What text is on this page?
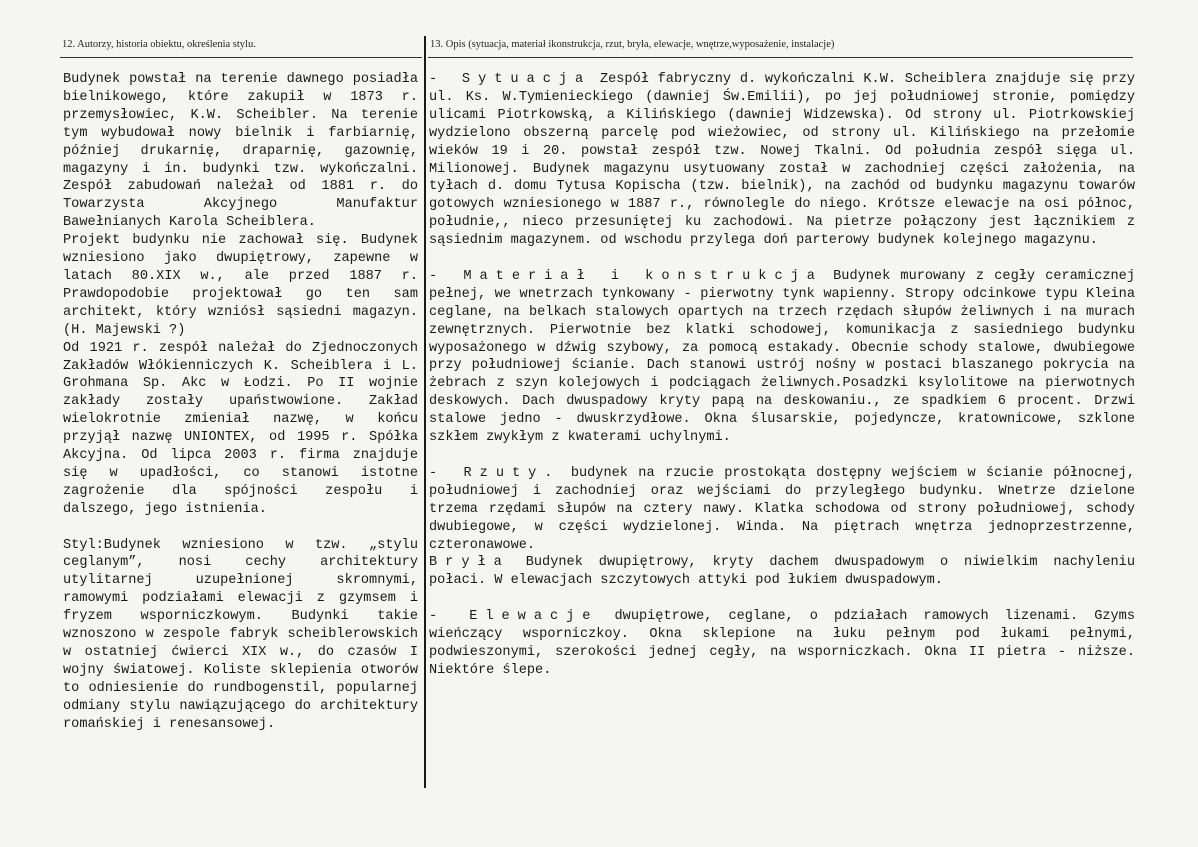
12. Autorzy, historia obiektu, określenia stylu.	13. Opis (sytuacja, materiał ikonstrukcja, rzut, bryła, elewacje, wnętrze,wyposażenie, instalacje)

Budynek powstał na terenie dawnego posiadła bielnikowego, które zakupił w 1873 r. przemysłowiec, K.W. Scheibler. Na terenie tym wybudował nowy bielnik i farbiarnię, później drukarnię, draparnię, gazownię, magazyny i in. budynki tzw. wykończalni. Zespół zabudowań należał od 1881 r. do Towarzysta Akcyjnego Manufaktur Bawełnianych Karola Scheiblera.

Projekt budynku nie zachował się. Budynek wzniesiono jako dwupiętrowy, zapewne w latach 80.XIX w., ale przed 1887 r. Prawdopodobie projektował go ten sam architekt, który wzniósł sąsiedni magazyn. (H. Majewski ?)

Od 1921 r. zespół należał do Zjednoczonych Zakładów Włókienniczych K. Scheiblera i L. Grohmana Sp. Akc w Łodzi. Po II wojnie zakłady zostały upaństwowione. Zakład wielokrotnie zmieniał nazwę, w końcu przyjął nazwę UNIONTEX, od 1995 r. Spółka Akcyjna. Od lipca 2003 r. firma znajduje się w upadłości, co stanowi istotne zagrożenie dla spójności zespołu i dalszego, jego istnienia.

Styl:Budynek wzniesiono w tzw. „stylu ceglanym”, nosi cechy architektury utylitarnej uzupełnionej skromnymi, ramowymi podziałami elewacji z gzymsem i fryzem wsporniczkowym. Budynki takie wznoszono w zespole fabryk scheiblerowskich w ostatniej ćwierci XIX w., do czasów I wojny światowej. Koliste sklepienia otworów to odniesienie do rundbogenstil, popularnej odmiany stylu nawiązującego do architektury romańskiej i renesansowej.

- Sytuacja Zespół fabryczny d. wykończalni K.W. Scheiblera znajduje się przy ul. Ks. W.Tymienieckiego (dawniej Św.Emilii), po jej południowej stronie, pomiędzy ulicami Piotrkowską, a Kilińskiego (dawniej Widzewska). Od strony ul. Piotrkowskiej wydzielono obszerną parcelę pod wieżowiec, od strony ul. Kilińskiego na przełomie wieków 19 i 20. powstał zespół tzw. Nowej Tkalni. Od południa zespół sięga ul. Milionowej. Budynek magazynu usytuowany został w zachodniej części założenia, na tyłach d. domu Tytusa Kopischa (tzw. bielnik), na zachód od budynku magazynu towarów gotowych wzniesionego w 1887 r., równolegle do niego. Krótsze elewacje na osi północ, południe,, nieco przesuniętej ku zachodowi. Na pietrze połączony jest łącznikiem z sąsiednim magazynem. od wschodu przylega doń parterowy budynek kolejnego magazynu.

- Materiał i konstrukcja Budynek murowany z cegły ceramicznej pełnej, we wnetrzach tynkowany - pierwotny tynk wapienny. Stropy odcinkowe typu Kleina ceglane, na belkach stalowych opartych na trzech rzędach słupów żeliwnych i na murach zewnętrznych. Pierwotnie bez klatki schodowej, komunikacja z sasiedniego budynku wyposażonego w dźwig szybowy, za pomocą estakady. Obecnie schody stalowe, dwubiegowe przy południowej ścianie. Dach stanowi ustrój nośny w postaci blaszanego pokrycia na żebrach z szyn kolejowych i podciągach żeliwnych.Posadzki ksylolitowe na pierwotnych deskowych. Dach dwuspadowy kryty papą na deskowaniu., ze spadkiem 6 procent. Drzwi stalowe jedno - dwuskrzydłowe. Okna ślusarskie, pojedyncze, kratownicowe, szklone szkłem zwykłym z kwaterami uchylnymi.

- Rzuty. budynek na rzucie prostokąta dostępny wejściem w ścianie północnej, południowej i zachodniej oraz wejściami do przyległego budynku. Wnetrze dzielone trzema rzędami słupów na cztery nawy. Klatka schodowa od strony południowej, schody dwubiegowe, w części wydzielonej. Winda. Na piętrach wnętrza jednoprzestrzenne, czteronawowe.

Bryła Budynek dwupiętrowy, kryty dachem dwuspadowym o niwielkim nachyleniu połaci. W elewacjach szczytowych attyki pod łukiem dwuspadowym.

- Elewacje dwupiętrowe, ceglane, o pdziałach ramowych lizenami. Gzyms wieńczący wsporniczkoy. Okna sklepione na łuku pełnym pod łukami pełnymi, podwieszonymi, szerokości jednej cegły, na wsporniczkach. Okna II pietra - niższe. Niektóre ślepe.
